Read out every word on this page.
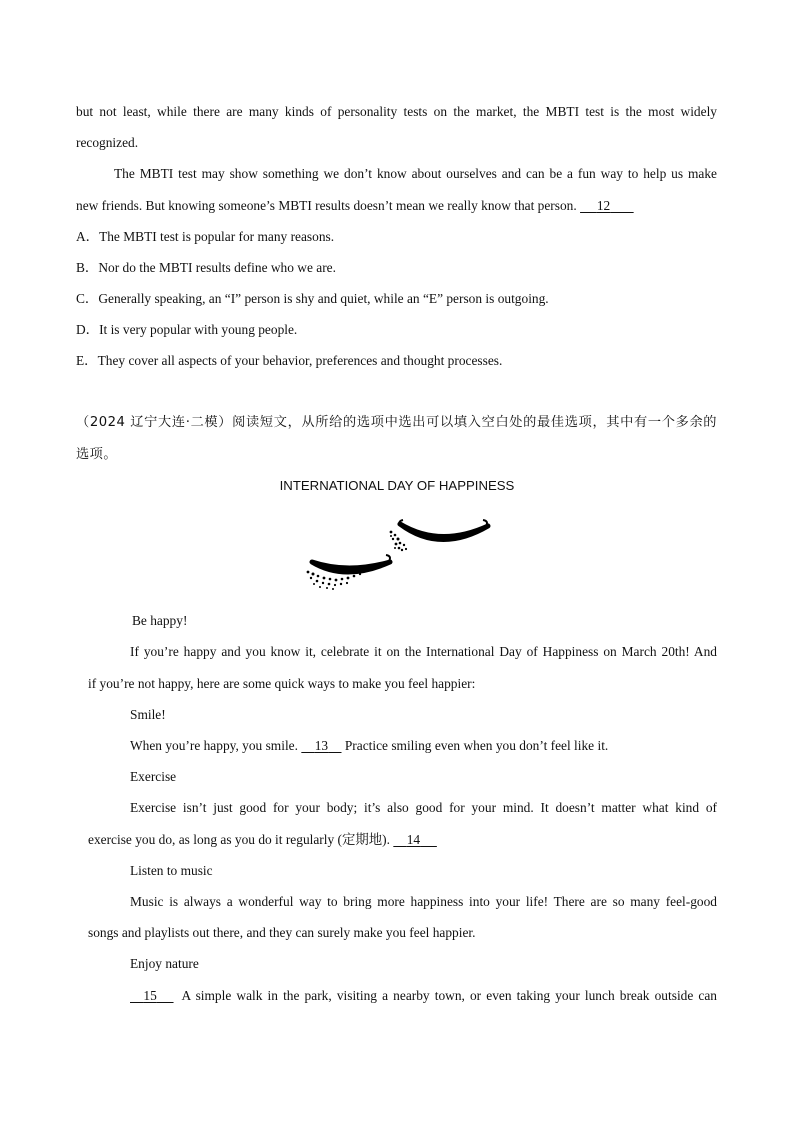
but not least, while there are many kinds of personality tests on the market, the MBTI test is the most widely
recognized.
The MBTI test may show something we don’t know about ourselves and can be a fun way to help us make
new friends. But knowing someone’s MBTI results doesn’t mean we really know that person. 12
A．The MBTI test is popular for many reasons.
B．Nor do the MBTI results define who we are.
C．Generally speaking, an “I” person is shy and quiet, while an “E” person is outgoing.
D．It is very popular with young people.
E．They cover all aspects of your behavior, preferences and thought processes.
（2024 辽宁大连·二模）阅读短文，从所给的选项中选出可以填入空白处的最佳选项，其中有一个多余的
选项。
INTERNATIONAL DAY OF HAPPINESS
Be happy!
If you’re happy and you know it, celebrate it on the International Day of Happiness on March 20th! And
if you’re not happy, here are some quick ways to make you feel happier:
Smile!
When you’re happy, you smile. 13 Practice smiling even when you don’t feel like it.
Exercise
Exercise isn’t just good for your body; it’s also good for your mind. It doesn’t matter what kind of
exercise you do, as long as you do it regularly (定期地). 14
Listen to music
Music is always a wonderful way to bring more happiness into your life! There are so many feel-good
songs and playlists out there, and they can surely make you feel happier.
Enjoy nature
15	A simple walk in the park, visiting a nearby town, or even taking your lunch break outside can
